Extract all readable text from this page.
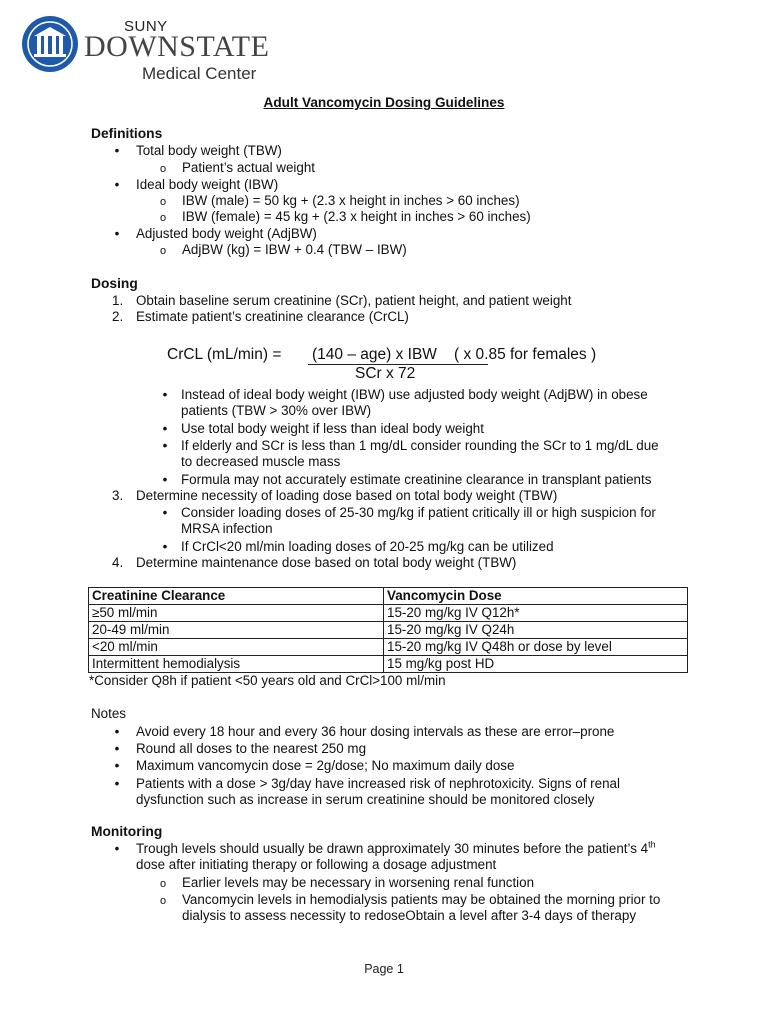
SUNY
DOWNSTATE
Medical Center
Adult Vancomycin Dosing Guidelines
Definitions
• Total body weight (TBW)
o Patient’s actual weight
• Ideal body weight (IBW)
o IBW (male) = 50 kg + (2.3 x height in inches > 60 inches)
o IBW (female) = 45 kg + (2.3 x height in inches > 60 inches)
• Adjusted body weight (AdjBW)
o AdjBW (kg) = IBW + 0.4 (TBW – IBW)
Dosing
1. Obtain baseline serum creatinine (SCr), patient height, and patient weight
2. Estimate patient’s creatinine clearance (CrCL)
CrCL (mL/min) = (140 – age) x IBW
SCr x 72
( x 0.85 for females )
• Instead of ideal body weight (IBW) use adjusted body weight (AdjBW) in obese
patients (TBW > 30% over IBW)
• Use total body weight if less than ideal body weight
• If elderly and SCr is less than 1 mg/dL consider rounding the SCr to 1 mg/dL due
to decreased muscle mass
• Formula may not accurately estimate creatinine clearance in transplant patients
3. Determine necessity of loading dose based on total body weight (TBW)
• Consider loading doses of 25-30 mg/kg if patient critically ill or high suspicion for
MRSA infection
• If CrCl<20 ml/min loading doses of 20-25 mg/kg can be utilized
4. Determine maintenance dose based on total body weight (TBW)
Creatinine Clearance	Vancomycin Dose
≥50 ml/min	15-20 mg/kg IV Q12h*
20-49 ml/min	15-20 mg/kg IV Q24h
<20 ml/min	15-20 mg/kg IV Q48h or dose by level
Intermittent hemodialysis	15 mg/kg post HD
*Consider Q8h if patient <50 years old and CrCl>100 ml/min
Notes
• Avoid every 18 hour and every 36 hour dosing intervals as these are error–prone
• Round all doses to the nearest 250 mg
• Maximum vancomycin dose = 2g/dose; No maximum daily dose
• Patients with a dose > 3g/day have increased risk of nephrotoxicity. Signs of renal
dysfunction such as increase in serum creatinine should be monitored closely
Monitoring
• Trough levels should usually be drawn approximately 30 minutes before the patient’s 4th
dose after initiating therapy or following a dosage adjustment
o Earlier levels may be necessary in worsening renal function
o Vancomycin levels in hemodialysis patients may be obtained the morning prior to
dialysis to assess necessity to redoseObtain a level after 3-4 days of therapy
Page 1
